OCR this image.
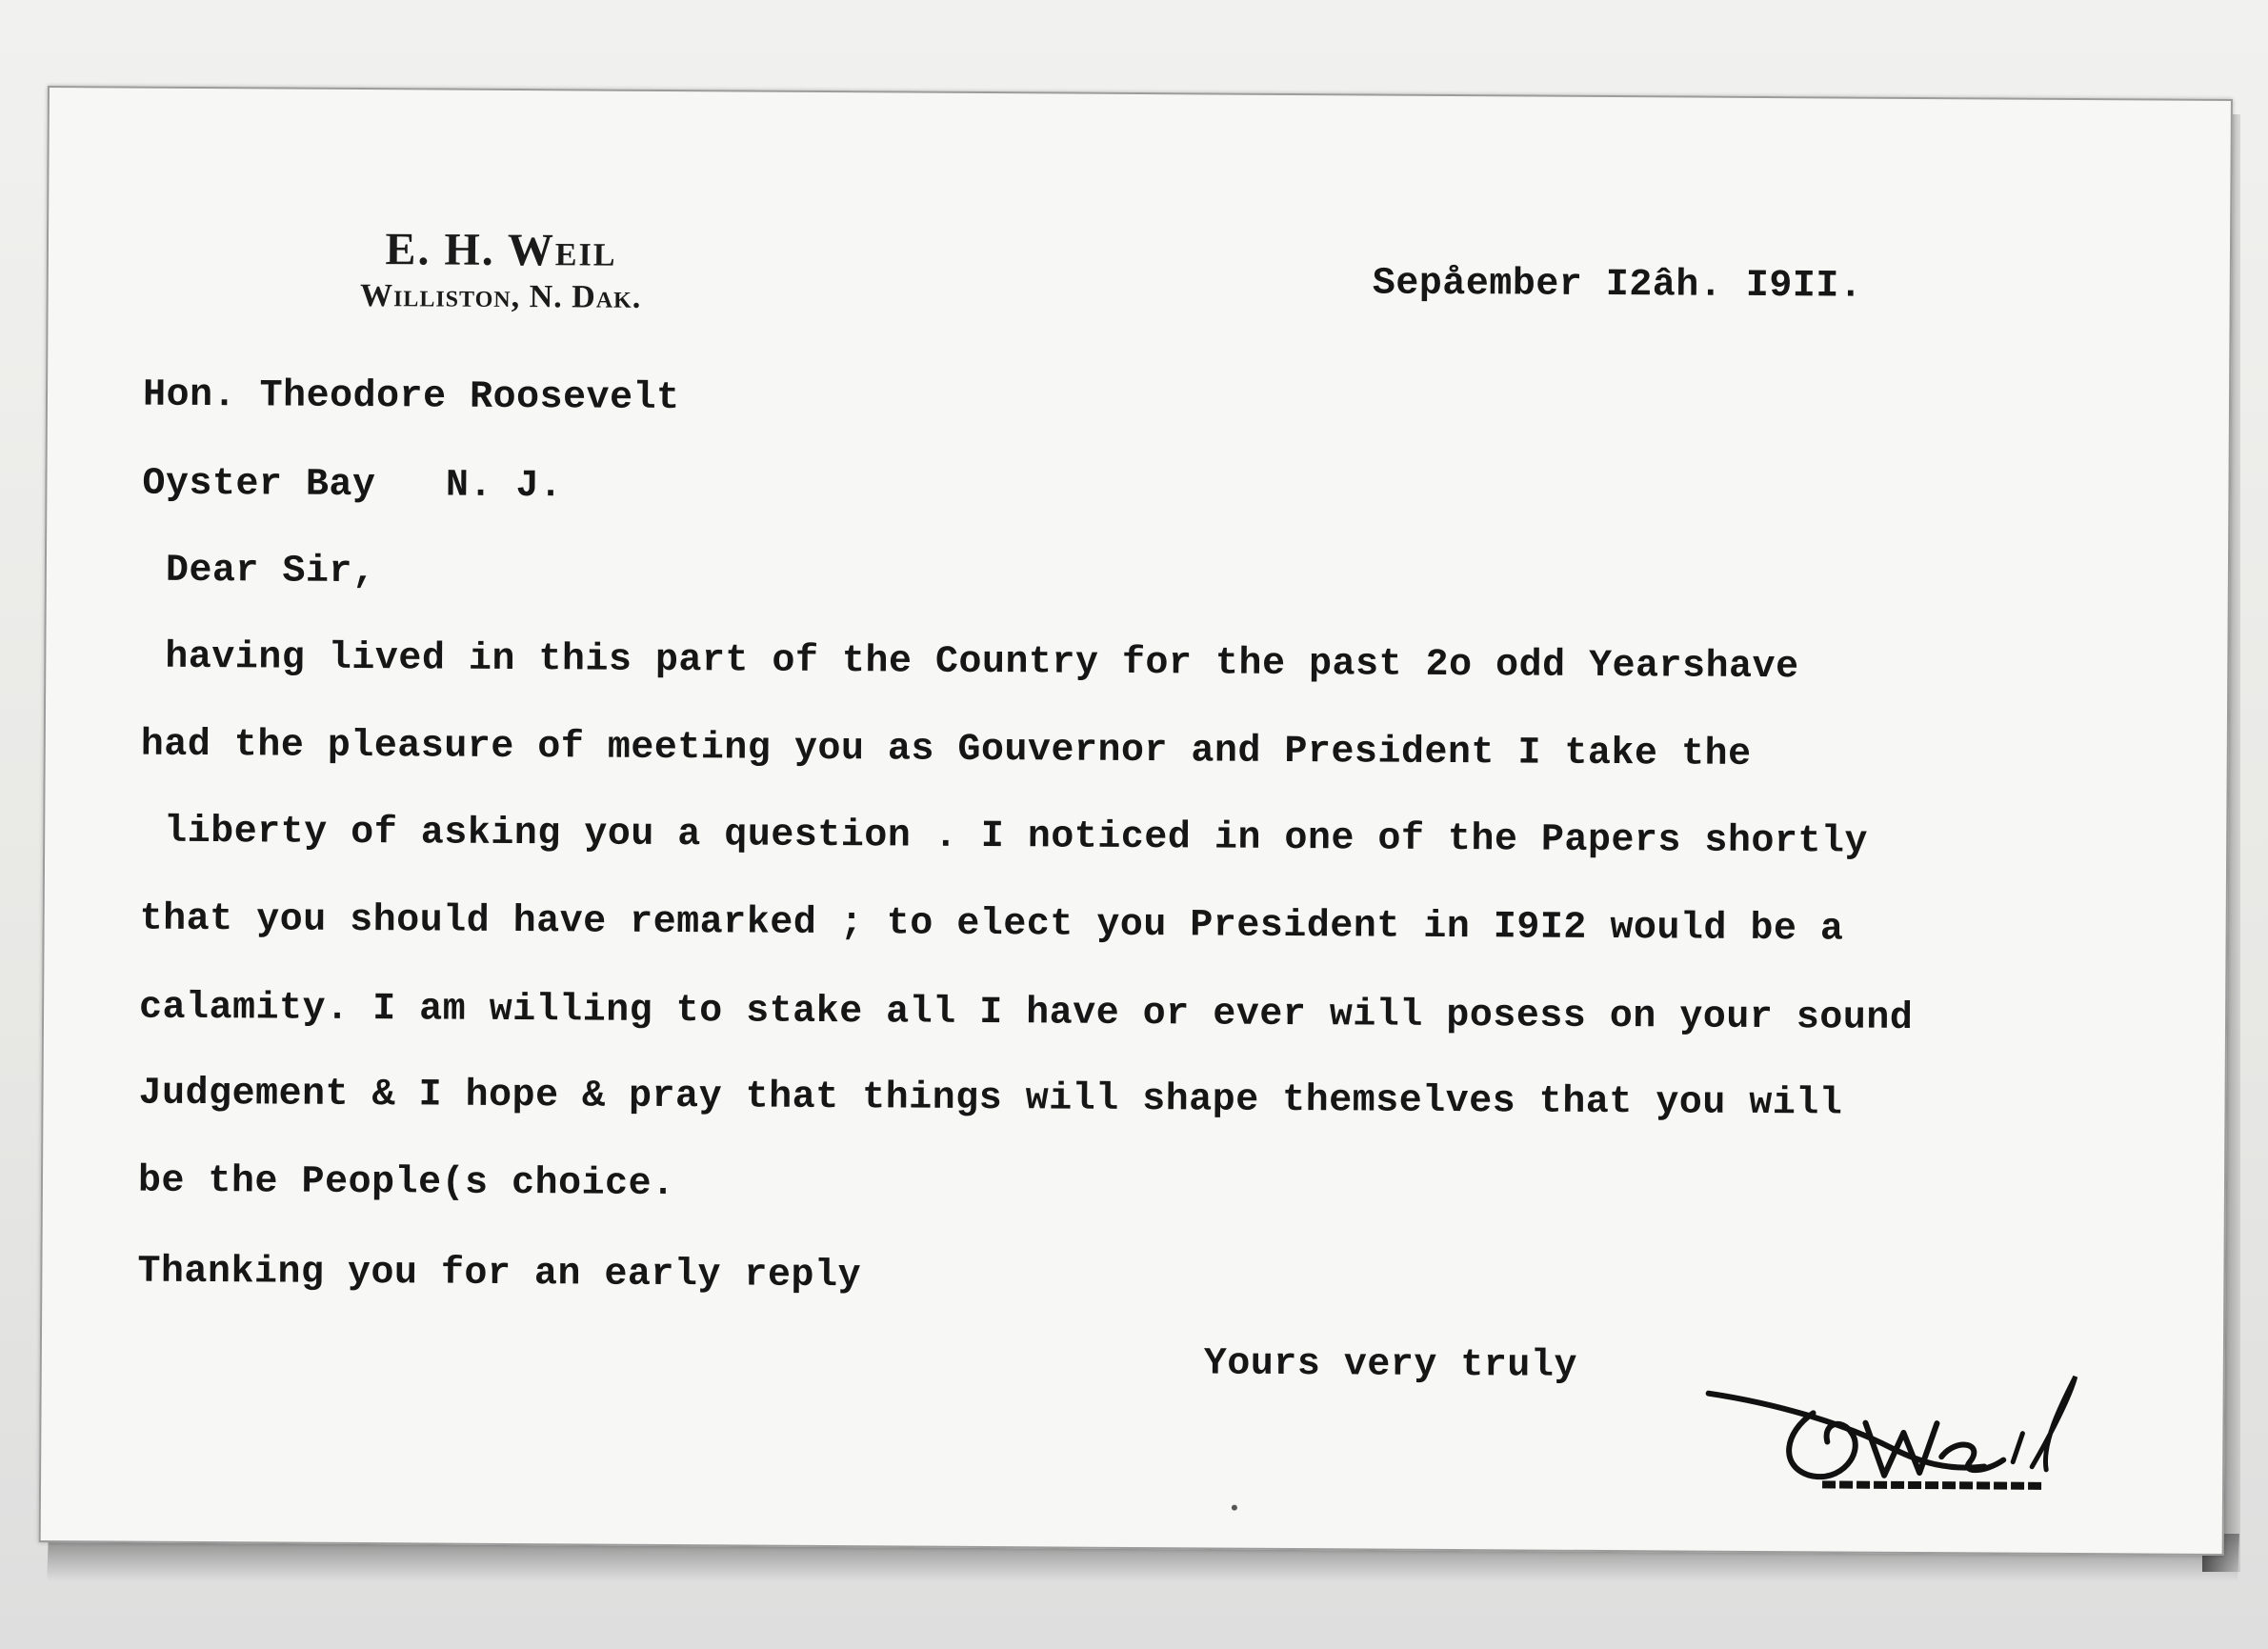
E. H. Weil
Williston, N. Dak.	Sepåember I2âh. I9II.
Hon. Theodore Roosevelt
Oyster Bay   N. J.
Dear Sir,
having lived in this part of the Country for the past 2o odd Yearshave
had the pleasure of meeting you as Gouvernor and President I take the
liberty of asking you a question . I noticed in one of the Papers shortly
that you should have remarked ; to elect you President in I9I2 would be a
calamity. I am willing to stake all I have or ever will posess on your sound
Judgement & I hope & pray that things will shape themselves that you will
be the People(s choice.
Thanking you for an early reply
Yours very truly
